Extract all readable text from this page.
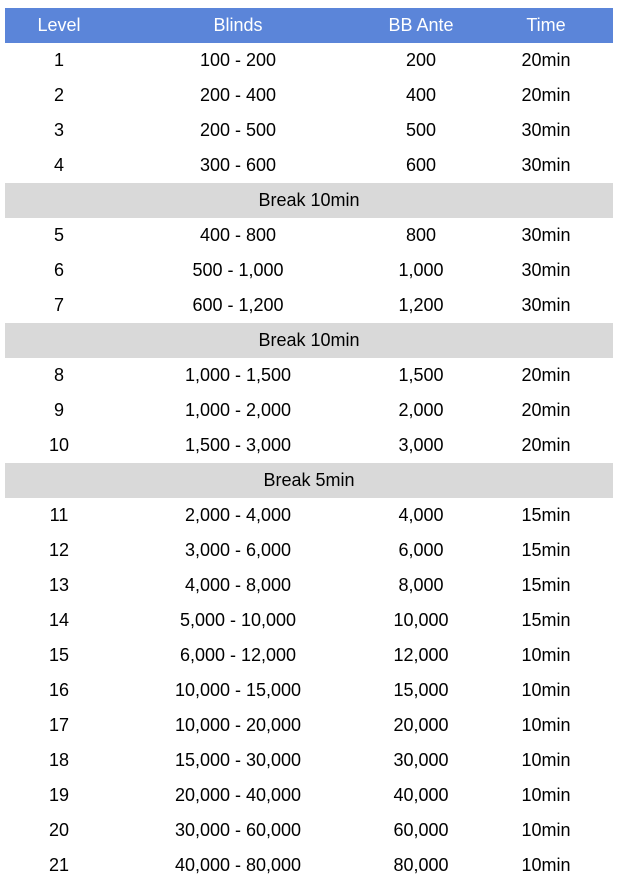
Level	Blinds	BB Ante	Time
1	100 - 200	200	20min
2	200 - 400	400	20min
3	200 - 500	500	30min
4	300 - 600	600	30min
Break 10min			
5	400 - 800	800	30min
6	500 - 1,000	1,000	30min
7	600 - 1,200	1,200	30min
Break 10min			
8	1,000 - 1,500	1,500	20min
9	1,000 - 2,000	2,000	20min
10	1,500 - 3,000	3,000	20min
Break 5min			
11	2,000 - 4,000	4,000	15min
12	3,000 - 6,000	6,000	15min
13	4,000 - 8,000	8,000	15min
14	5,000 - 10,000	10,000	15min
15	6,000 - 12,000	12,000	10min
16	10,000 - 15,000	15,000	10min
17	10,000 - 20,000	20,000	10min
18	15,000 - 30,000	30,000	10min
19	20,000 - 40,000	40,000	10min
20	30,000 - 60,000	60,000	10min
21	40,000 - 80,000	80,000	10min
